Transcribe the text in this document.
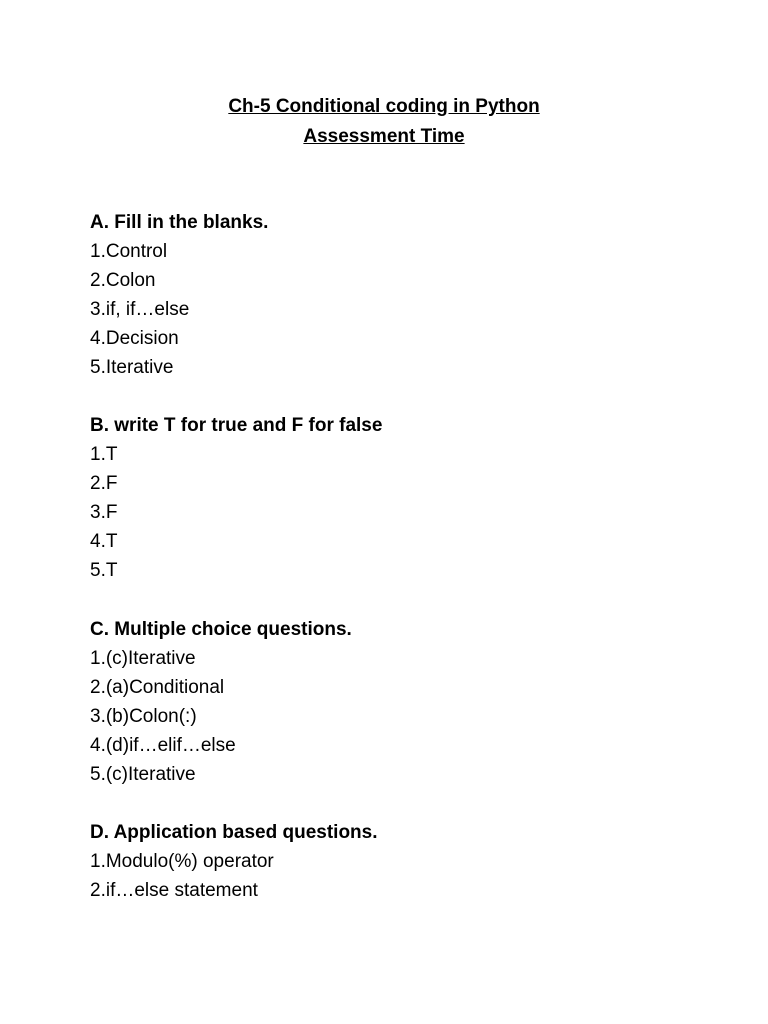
Ch-5 Conditional coding in Python
Assessment Time
A. Fill in the blanks.
1.Control
2.Colon
3.if, if…else
4.Decision
5.Iterative
B. write T for true and F for false
1.T
2.F
3.F
4.T
5.T
C. Multiple choice questions.
1.(c)Iterative
2.(a)Conditional
3.(b)Colon(:)
4.(d)if…elif…else
5.(c)Iterative
D. Application based questions.
1.Modulo(%) operator
2.if…else statement
